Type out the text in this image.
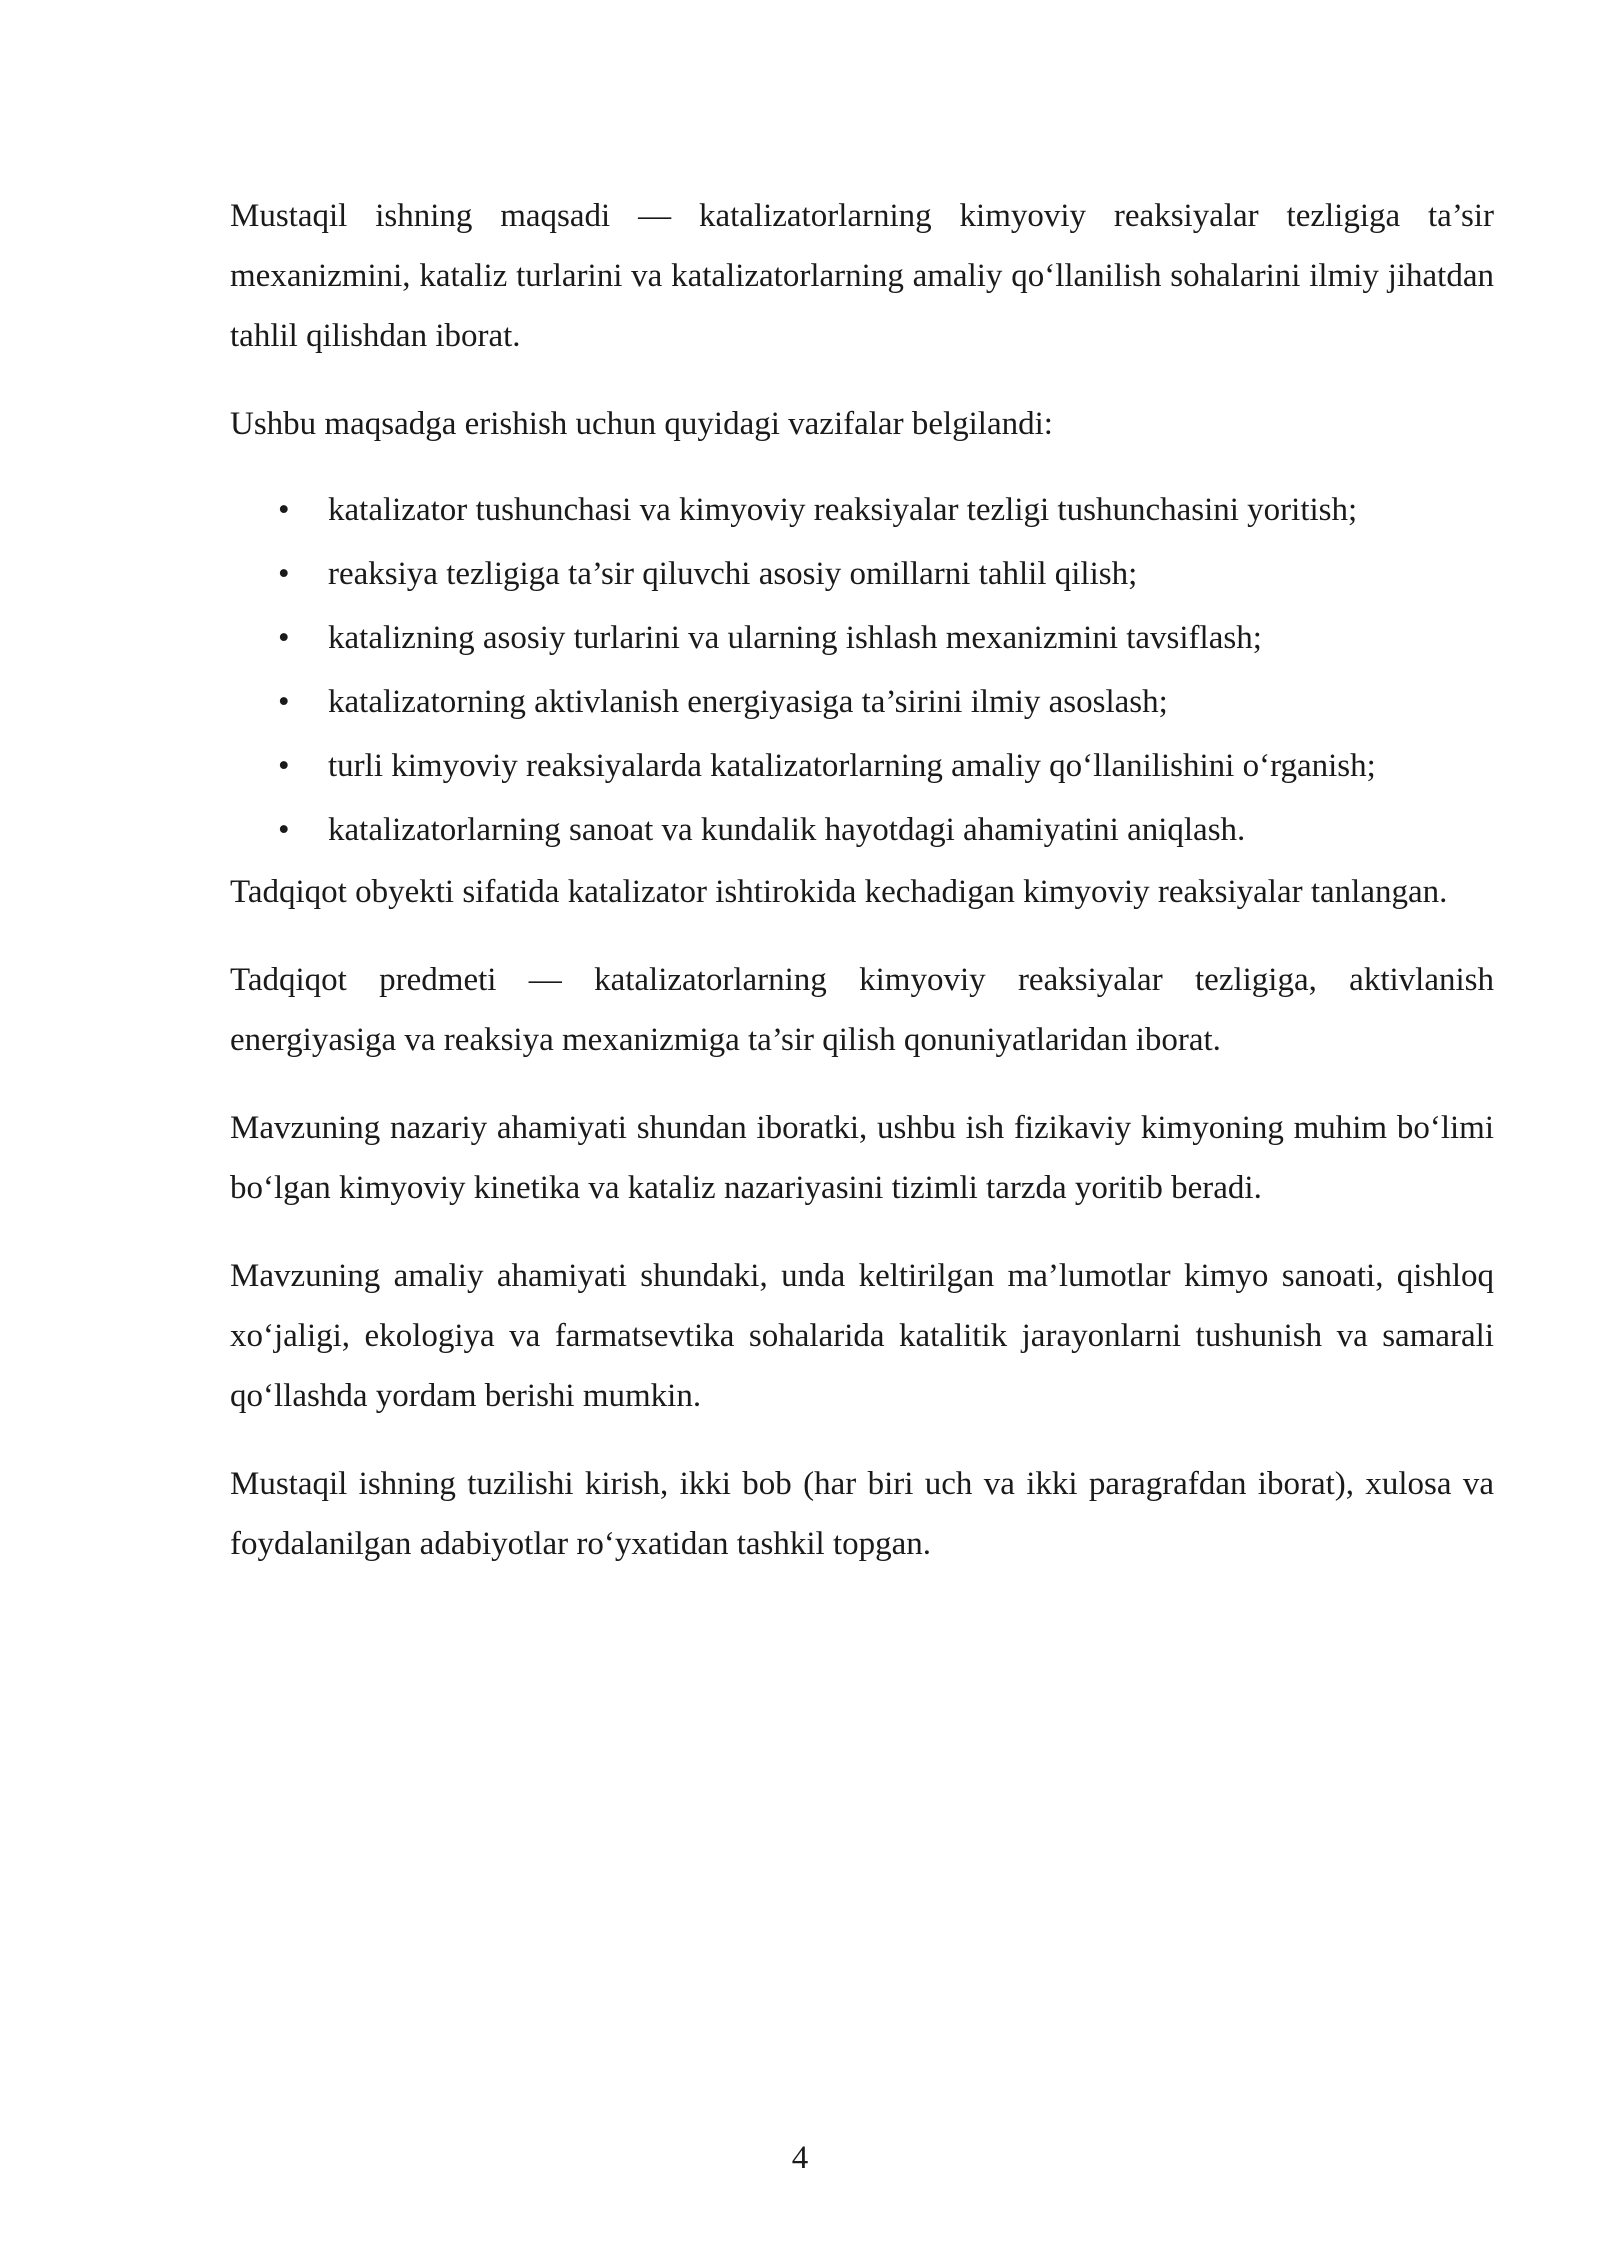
Mustaqil ishning maqsadi — katalizatorlarning kimyoviy reaksiyalar tezligiga ta’sir mexanizmini, kataliz turlarini va katalizatorlarning amaliy qo‘llanilish sohalarini ilmiy jihatdan tahlil qilishdan iborat.

Ushbu maqsadga erishish uchun quyidagi vazifalar belgilandi:

• katalizator tushunchasi va kimyoviy reaksiyalar tezligi tushunchasini yoritish;
• reaksiya tezligiga ta’sir qiluvchi asosiy omillarni tahlil qilish;
• katalizning asosiy turlarini va ularning ishlash mexanizmini tavsiflash;
• katalizatorning aktivlanish energiyasiga ta’sirini ilmiy asoslash;
• turli kimyoviy reaksiyalarda katalizatorlarning amaliy qo‘llanilishini o‘rganish;
• katalizatorlarning sanoat va kundalik hayotdagi ahamiyatini aniqlash.

Tadqiqot obyekti sifatida katalizator ishtirokida kechadigan kimyoviy reaksiyalar tanlangan.

Tadqiqot predmeti — katalizatorlarning kimyoviy reaksiyalar tezligiga, aktivlanish energiyasiga va reaksiya mexanizmiga ta’sir qilish qonuniyatlaridan iborat.

Mavzuning nazariy ahamiyati shundan iboratki, ushbu ish fizikaviy kimyoning muhim bo‘limi bo‘lgan kimyoviy kinetika va kataliz nazariyasini tizimli tarzda yoritib beradi.

Mavzuning amaliy ahamiyati shundaki, unda keltirilgan ma’lumotlar kimyo sanoati, qishloq xo‘jaligi, ekologiya va farmatsevtika sohalarida katalitik jarayonlarni tushunish va samarali qo‘llashda yordam berishi mumkin.

Mustaqil ishning tuzilishi kirish, ikki bob (har biri uch va ikki paragrafdan iborat), xulosa va foydalanilgan adabiyotlar ro‘yxatidan tashkil topgan.

4
